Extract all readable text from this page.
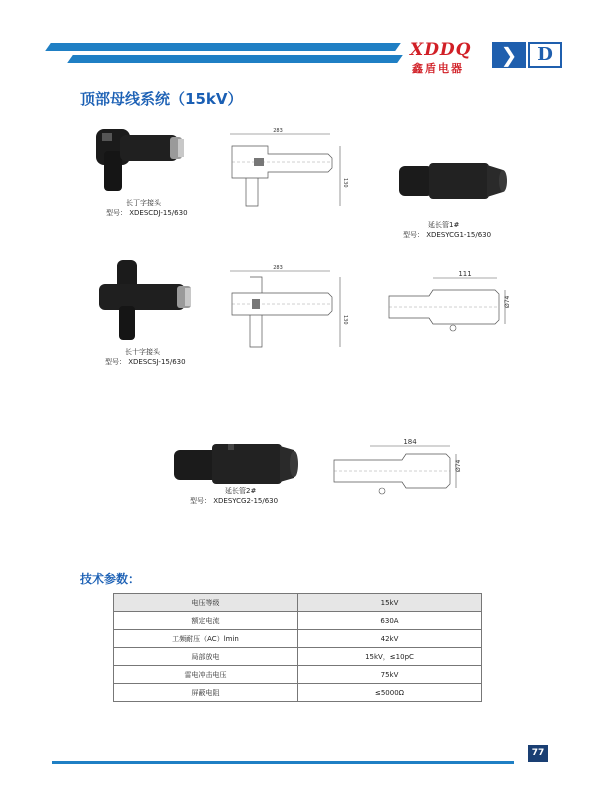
XDDQ
鑫盾电器
❯	D
顶部母线系统（15kV）
长丁字接头
型号： XDESCDJ-15/630
283
130
延长管1#
型号： XDESYCG1-15/630
长十字接头
型号： XDESCSJ-15/630
283
130
111
Ø74
延长管2#
型号： XDESYCG2-15/630
184
Ø74
技术参数：
电压等级	15kV
额定电流	630A
工频耐压（AC）lmin	42kV
局部放电	15kV，≤10pC
雷电冲击电压	75kV
屏蔽电阻	≤5000Ω
77
